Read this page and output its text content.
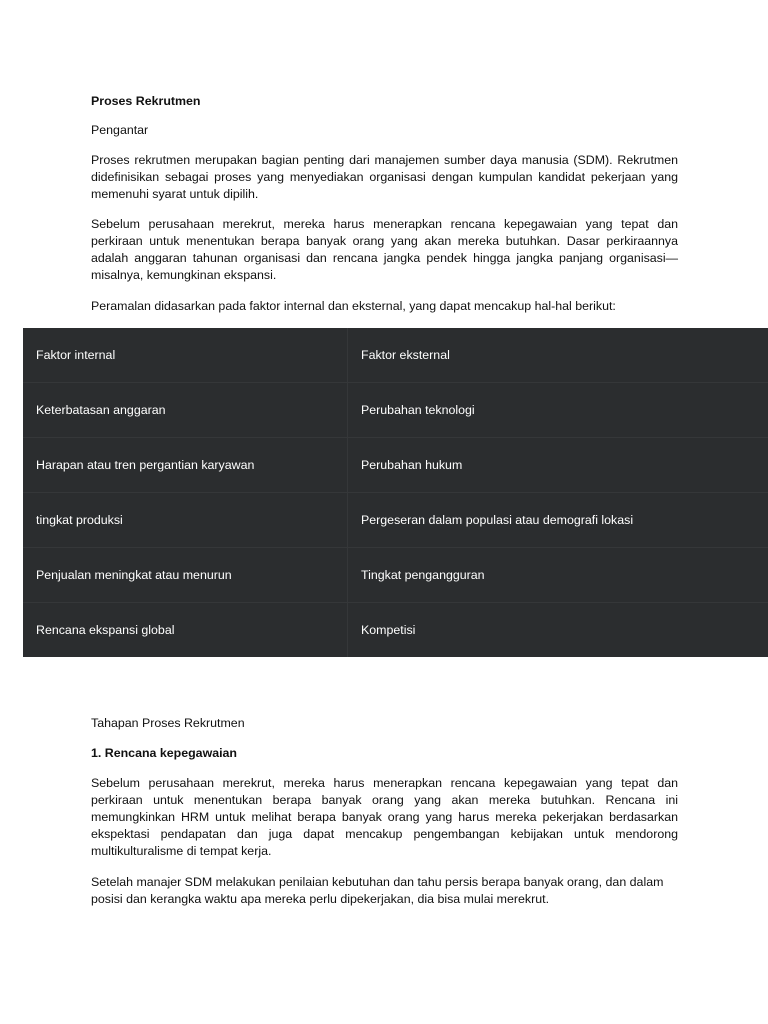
Proses Rekrutmen

Pengantar

Proses rekrutmen merupakan bagian penting dari manajemen sumber daya manusia (SDM). Rekrutmen didefinisikan sebagai proses yang menyediakan organisasi dengan kumpulan kandidat pekerjaan yang memenuhi syarat untuk dipilih.

Sebelum perusahaan merekrut, mereka harus menerapkan rencana kepegawaian yang tepat dan perkiraan untuk menentukan berapa banyak orang yang akan mereka butuhkan. Dasar perkiraannya adalah anggaran tahunan organisasi dan rencana jangka pendek hingga jangka panjang organisasi—misalnya, kemungkinan ekspansi.

Peramalan didasarkan pada faktor internal dan eksternal, yang dapat mencakup hal-hal berikut:

Faktor internal	Faktor eksternal
Keterbatasan anggaran	Perubahan teknologi
Harapan atau tren pergantian karyawan	Perubahan hukum
tingkat produksi	Pergeseran dalam populasi atau demografi lokasi
Penjualan meningkat atau menurun	Tingkat pengangguran
Rencana ekspansi global	Kompetisi

Tahapan Proses Rekrutmen

1. Rencana kepegawaian

Sebelum perusahaan merekrut, mereka harus menerapkan rencana kepegawaian yang tepat dan perkiraan untuk menentukan berapa banyak orang yang akan mereka butuhkan. Rencana ini memungkinkan HRM untuk melihat berapa banyak orang yang harus mereka pekerjakan berdasarkan ekspektasi pendapatan dan juga dapat mencakup pengembangan kebijakan untuk mendorong multikulturalisme di tempat kerja.

Setelah manajer SDM melakukan penilaian kebutuhan dan tahu persis berapa banyak orang, dan dalam posisi dan kerangka waktu apa mereka perlu dipekerjakan, dia bisa mulai merekrut.
